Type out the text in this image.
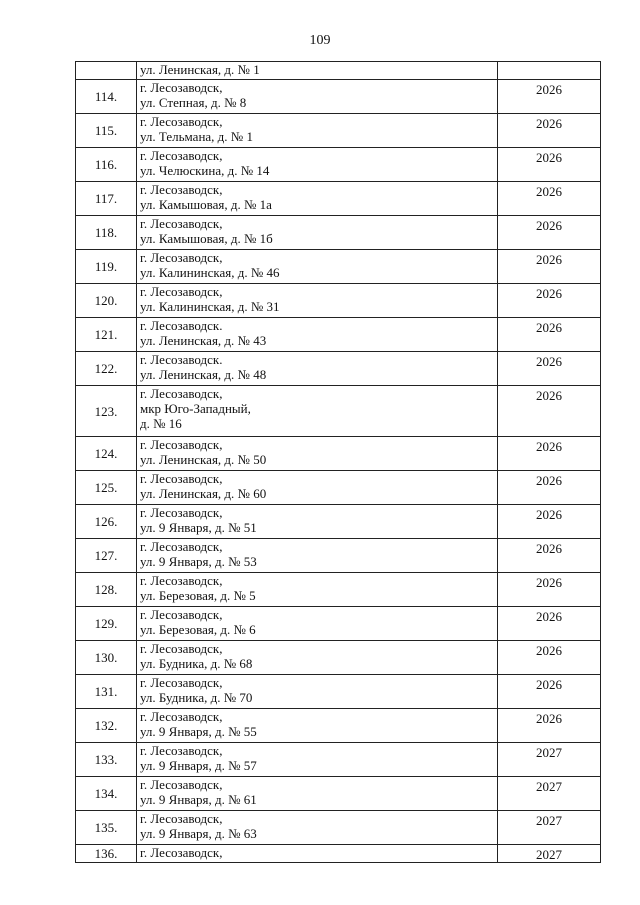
109

	ул. Ленинская, д. № 1	

114.	г. Лесозаводск,
ул. Степная, д. № 8	2026
115.	г. Лесозаводск,
ул. Тельмана, д. № 1	2026
116.	г. Лесозаводск,
ул. Челюскина, д. № 14	2026
117.	г. Лесозаводск,
ул. Камышовая, д. № 1а	2026
118.	г. Лесозаводск,
ул. Камышовая, д. № 1б	2026
119.	г. Лесозаводск,
ул. Калининская, д. № 46	2026
120.	г. Лесозаводск,
ул. Калининская, д. № 31	2026
121.	г. Лесозаводск.
ул. Ленинская, д. № 43	2026
122.	г. Лесозаводск.
ул. Ленинская, д. № 48	2026
123.	г. Лесозаводск,
мкр Юго-Западный,
д. № 16	2026
124.	г. Лесозаводск,
ул. Ленинская, д. № 50	2026
125.	г. Лесозаводск,
ул. Ленинская, д. № 60	2026
126.	г. Лесозаводск,
ул. 9 Января, д. № 51	2026
127.	г. Лесозаводск,
ул. 9 Января, д. № 53	2026
128.	г. Лесозаводск,
ул. Березовая, д. № 5	2026
129.	г. Лесозаводск,
ул. Березовая, д. № 6	2026
130.	г. Лесозаводск,
ул. Будника, д. № 68	2026
131.	г. Лесозаводск,
ул. Будника, д. № 70	2026
132.	г. Лесозаводск,
ул. 9 Января, д. № 55	2026
133.	г. Лесозаводск,
ул. 9 Января, д. № 57	2027
134.	г. Лесозаводск,
ул. 9 Января, д. № 61	2027
135.	г. Лесозаводск,
ул. 9 Января, д. № 63	2027
136.	г. Лесозаводск,	2027
